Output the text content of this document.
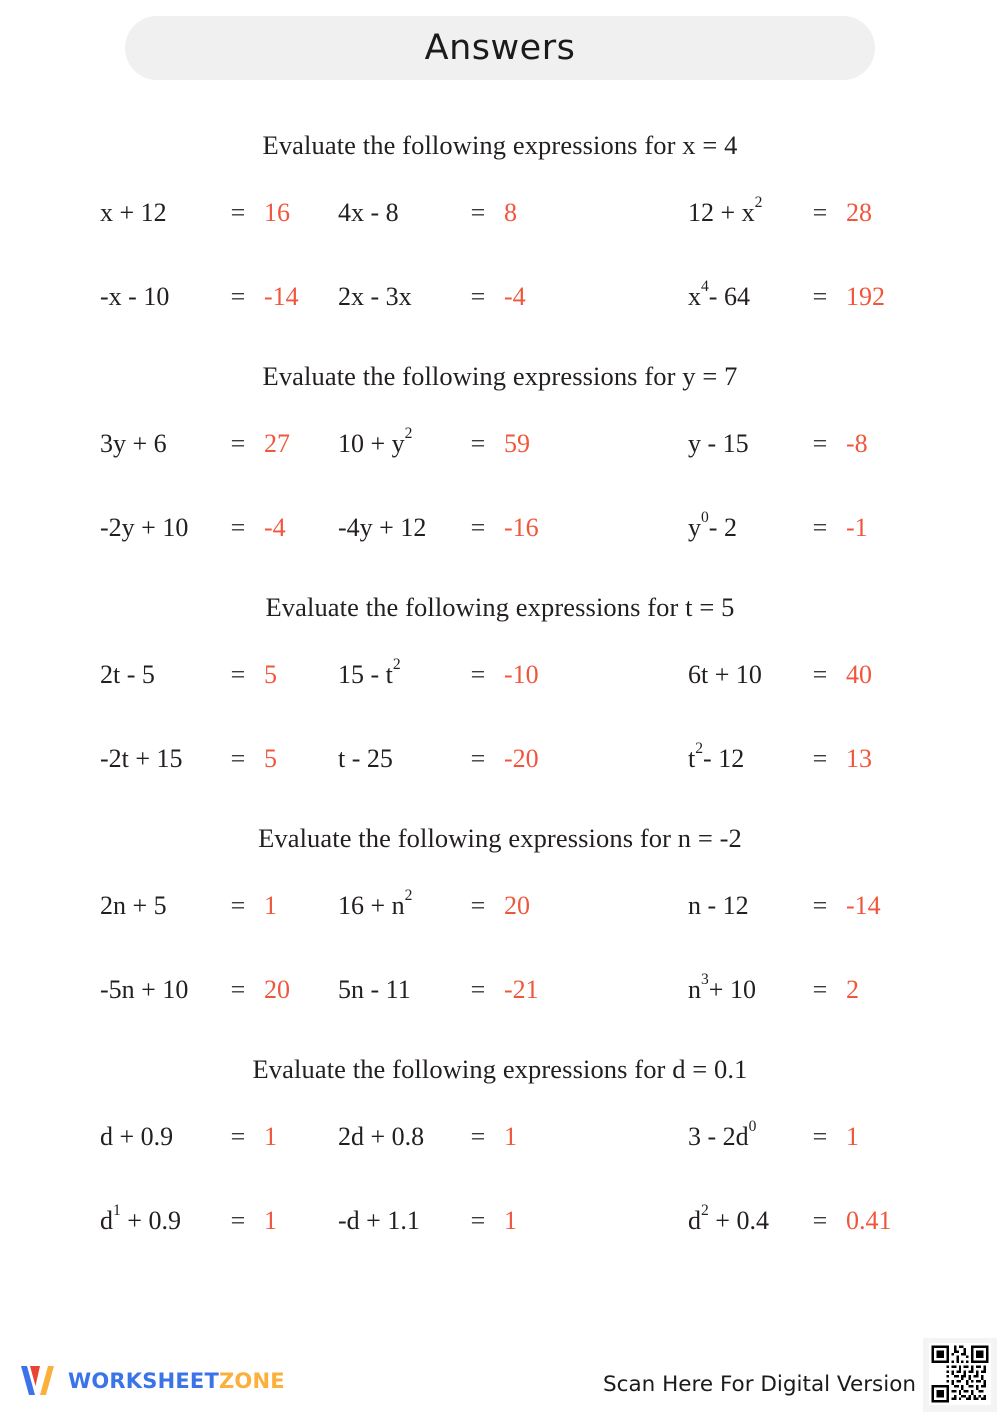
Answers
Evaluate the following expressions for x = 4
x + 12	= 16 4x - 8	= 8	$12 + x^2$	= 28
-x - 10	= -14 2x - 3x	= -4	$x^4-$ 64	= 192
Evaluate the following expressions for y = 7
3y + 6	= 27 $10 + y^2$	= 59	y - 15	= -8
-2y + 10	= -4 -4y + 12	= -16	$y^0-$ 2	= -1
Evaluate the following expressions for t = 5
2t - 5	= 5 $15 - t^2$	= -10	6t + 10	= 40
-2t + 15	= 5 t - 25	= -20	$t^2-$ 12	= 13
Evaluate the following expressions for n = -2
2n + 5	= 1 $16 + n^2$	= 20	n - 12	= -14
-5n + 10	= 20 5n - 11	= -21	$n^3+ 10$	= 2
Evaluate the following expressions for d = 0.1
d + 0.9	= 1 2d + 0.8	= 1	$3 - 2d^0$	= 1
$d^1 + 0.9$	= 1 -d + 1.1	= 1	$d^2 + 0.4$	= 0.41
WORKSHEETZONE	Scan Here For Digital Version
